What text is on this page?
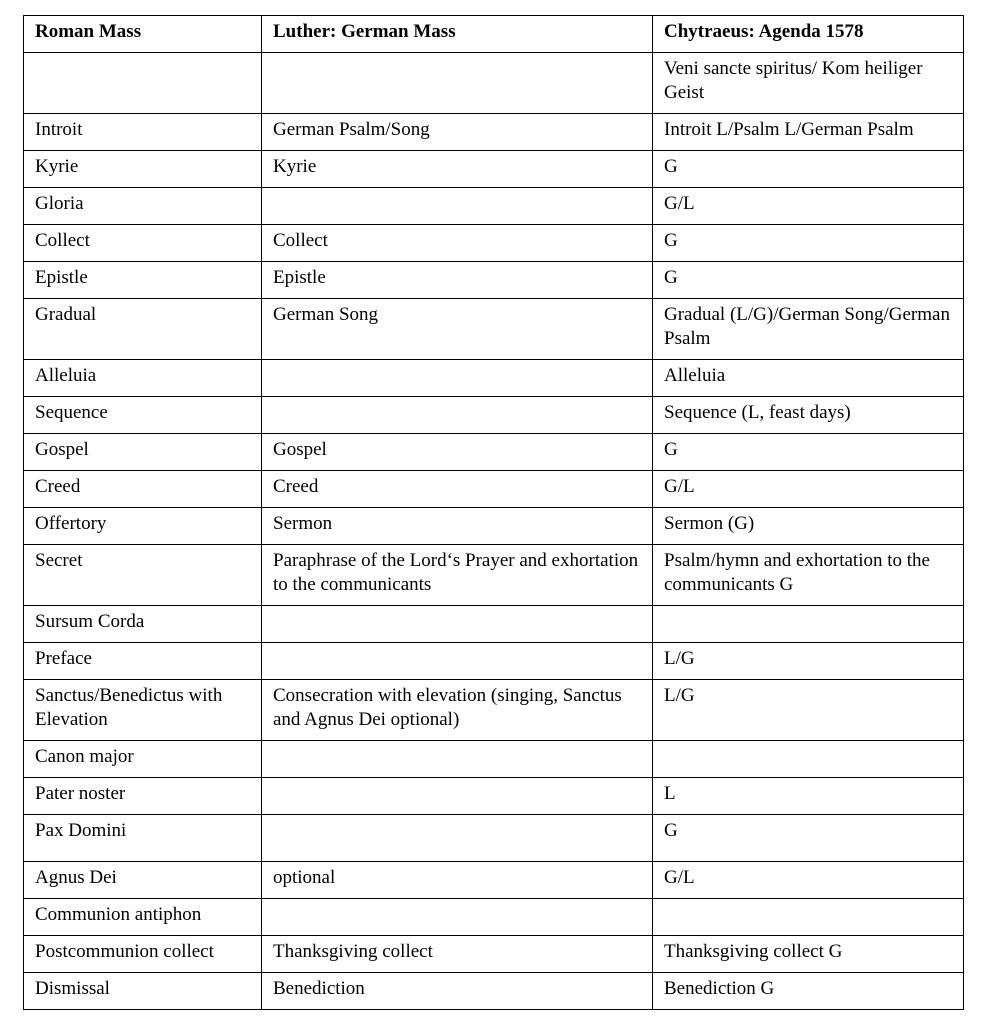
Roman Mass	Luther: German Mass	Chytraeus: Agenda 1578
		Veni sancte spiritus/ Kom heiliger Geist
Introit	German Psalm/Song	Introit L/Psalm L/German Psalm
Kyrie	Kyrie	G
Gloria		G/L
Collect	Collect	G
Epistle	Epistle	G
Gradual	German Song	Gradual (L/G)/German Song/German Psalm
Alleluia		Alleluia
Sequence		Sequence (L, feast days)
Gospel	Gospel	G
Creed	Creed	G/L
Offertory	Sermon	Sermon (G)
Secret	Paraphrase of the Lord‘s Prayer and exhortation to the communicants	Psalm/hymn and exhortation to the communicants G
Sursum Corda		
Preface		L/G
Sanctus/Benedictus with Elevation	Consecration with elevation (singing, Sanctus and Agnus Dei optional)	L/G
Canon major		
Pater noster		L
Pax Domini		G
Agnus Dei	optional	G/L
Communion antiphon		
Postcommunion collect	Thanksgiving collect	Thanksgiving collect G
Dismissal	Benediction	Benediction G
